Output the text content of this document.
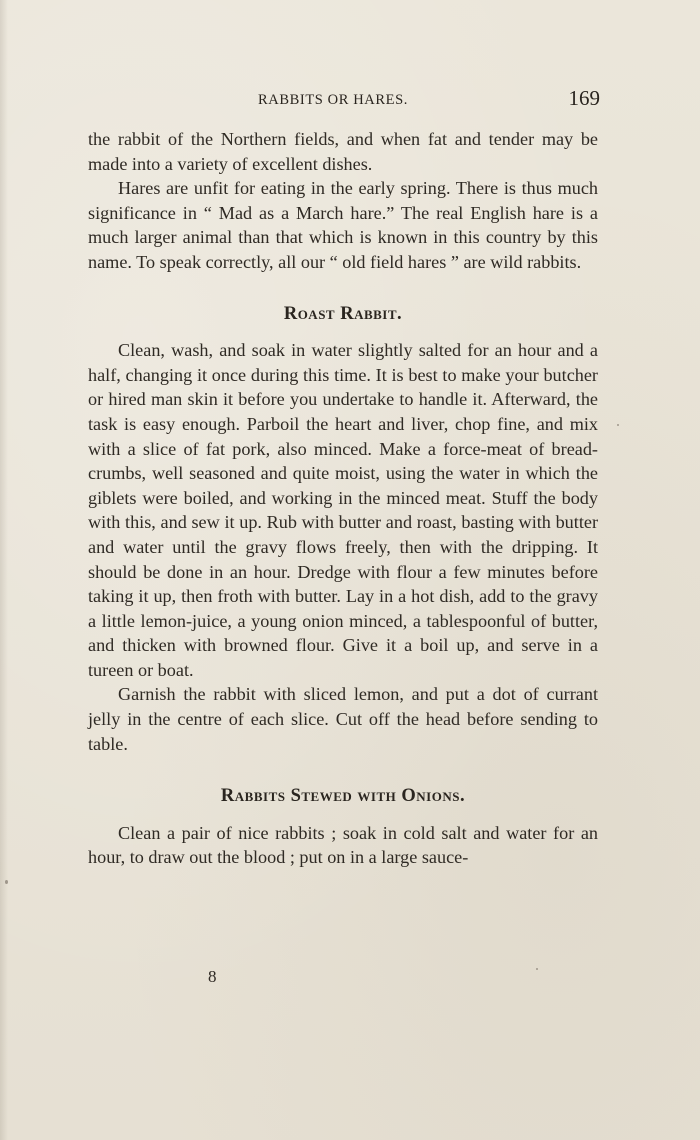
RABBITS OR HARES.	169

the rabbit of the Northern fields, and when fat and tender may be made into a variety of excellent dishes.

Hares are unfit for eating in the early spring. There is thus much significance in “ Mad as a March hare.” The real English hare is a much larger animal than that which is known in this country by this name. To speak correctly, all our “ old field hares ” are wild rabbits.

Roast Rabbit.

Clean, wash, and soak in water slightly salted for an hour and a half, changing it once during this time. It is best to make your butcher or hired man skin it before you undertake to handle it. Afterward, the task is easy enough. Parboil the heart and liver, chop fine, and mix with a slice of fat pork, also minced. Make a force-meat of bread-crumbs, well seasoned and quite moist, using the water in which the giblets were boiled, and working in the minced meat. Stuff the body with this, and sew it up. Rub with butter and roast, basting with butter and water until the gravy flows freely, then with the dripping. It should be done in an hour. Dredge with flour a few minutes before taking it up, then froth with butter. Lay in a hot dish, add to the gravy a little lemon-juice, a young onion minced, a tablespoonful of butter, and thicken with browned flour. Give it a boil up, and serve in a tureen or boat.

Garnish the rabbit with sliced lemon, and put a dot of currant jelly in the centre of each slice. Cut off the head before sending to table.

Rabbits Stewed with Onions.

Clean a pair of nice rabbits ; soak in cold salt and water for an hour, to draw out the blood ; put on in a large sauce-

8
